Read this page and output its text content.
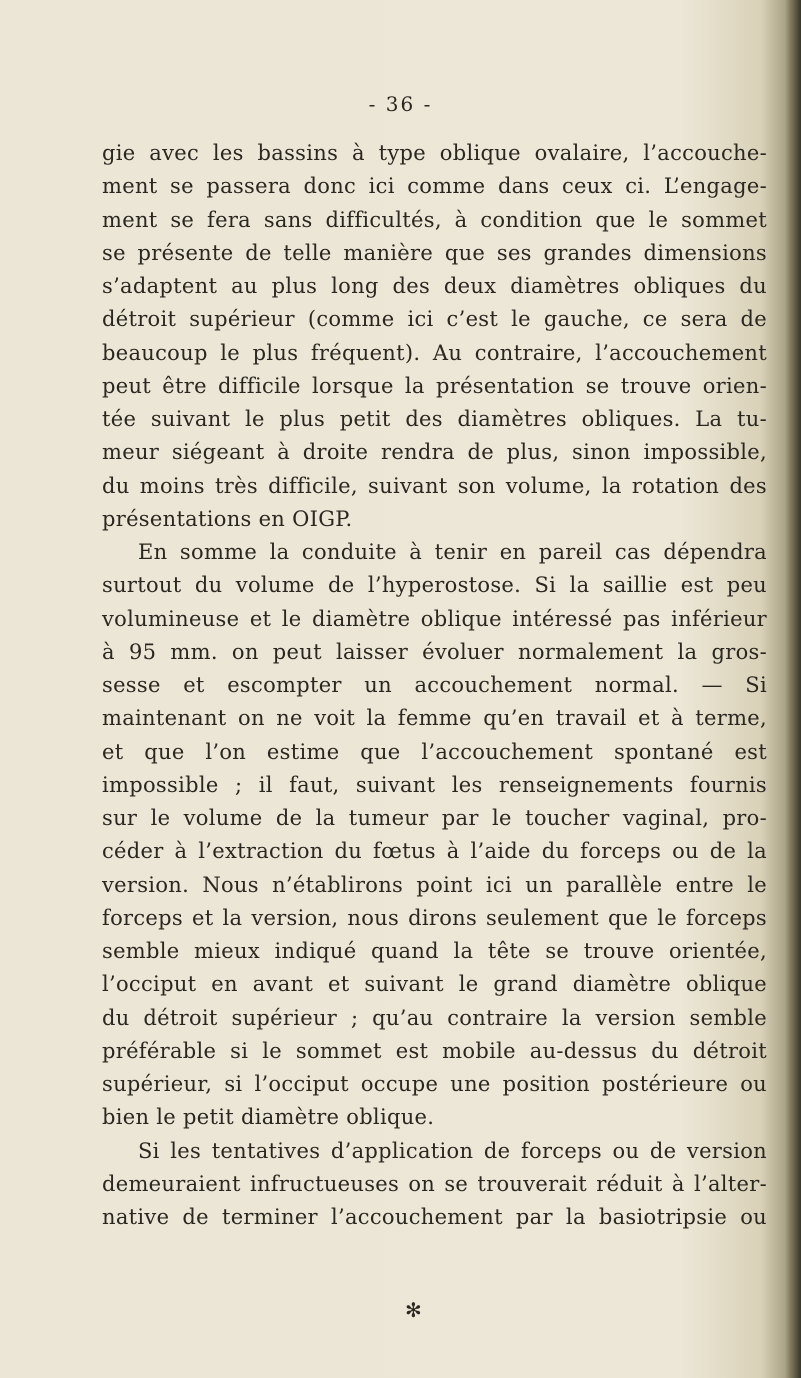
- 36 -
gie avec les bassins à type oblique ovalaire, l’accouche-
ment se passera donc ici comme dans ceux ci. L’engage-
ment se fera sans difficultés, à condition que le sommet
se présente de telle manière que ses grandes dimensions
s’adaptent au plus long des deux diamètres obliques du
détroit supérieur (comme ici c’est le gauche, ce sera de
beaucoup le plus fréquent). Au contraire, l’accouchement
peut être difficile lorsque la présentation se trouve orien-
tée suivant le plus petit des diamètres obliques. La tu-
meur siégeant à droite rendra de plus, sinon impossible,
du moins très difficile, suivant son volume, la rotation des
présentations en OIGP.
En somme la conduite à tenir en pareil cas dépendra
surtout du volume de l’hyperostose. Si la saillie est peu
volumineuse et le diamètre oblique intéressé pas inférieur
à 95 mm. on peut laisser évoluer normalement la gros-
sesse et escompter un accouchement normal. — Si
maintenant on ne voit la femme qu’en travail et à terme,
et que l’on estime que l’accouchement spontané est
impossible ; il faut, suivant les renseignements fournis
sur le volume de la tumeur par le toucher vaginal, pro-
céder à l’extraction du fœtus à l’aide du forceps ou de la
version. Nous n’établirons point ici un parallèle entre le
forceps et la version, nous dirons seulement que le forceps
semble mieux indiqué quand la tête se trouve orientée,
l’occiput en avant et suivant le grand diamètre oblique
du détroit supérieur ; qu’au contraire la version semble
préférable si le sommet est mobile au-dessus du détroit
supérieur, si l’occiput occupe une position postérieure ou
bien le petit diamètre oblique.
Si les tentatives d’application de forceps ou de version
demeuraient infructueuses on se trouverait réduit à l’alter-
native de terminer l’accouchement par la basiotripsie ou
✻
